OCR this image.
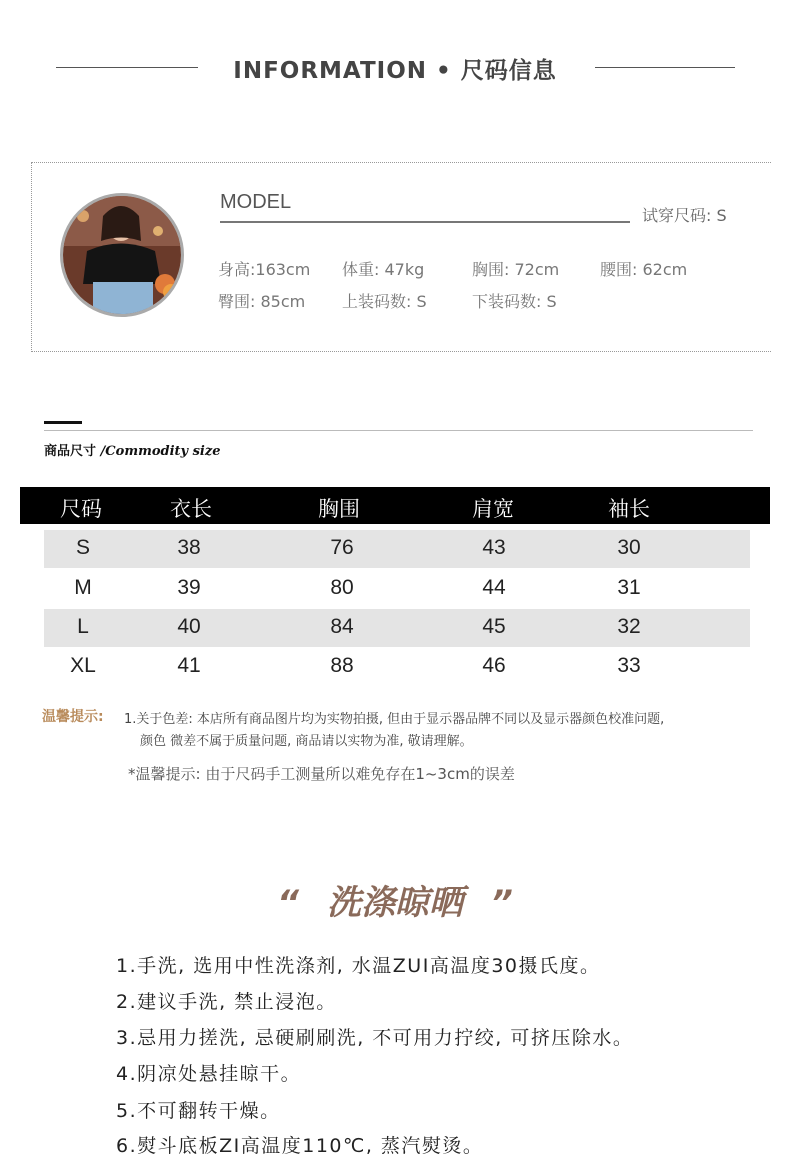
INFORMATION • 尺码信息
MODEL
试穿尺码: S
身高:163cm 体重: 47kg	胸围: 72cm	腰围: 62cm
臀围: 85cm 上装码数: S	下装码数: S
商品尺寸 /Commodity size
尺码	衣长	胸围	肩宽	袖长
S	38	76	43	30
M	39	80	44	31
L	40	84	45	32
XL	41	88	46	33
温馨提示: 1.关于色差: 本店所有商品图片均为实物拍摄, 但由于显示器品牌不同以及显示器颜色校准问题,
颜色 微差不属于质量问题, 商品请以实物为准, 敬请理解。
*温馨提示: 由于尺码手工测量所以难免存在1~3cm的误差
“ 洗涤晾晒 ”
1.手洗, 选用中性洗涤剂, 水温ZUI高温度30摄氏度。
2.建议手洗, 禁止浸泡。
3.忌用力搓洗, 忌硬刷刷洗, 不可用力拧绞, 可挤压除水。
4.阴凉处悬挂晾干。
5.不可翻转干燥。
6.熨斗底板ZI高温度110℃, 蒸汽熨烫。
